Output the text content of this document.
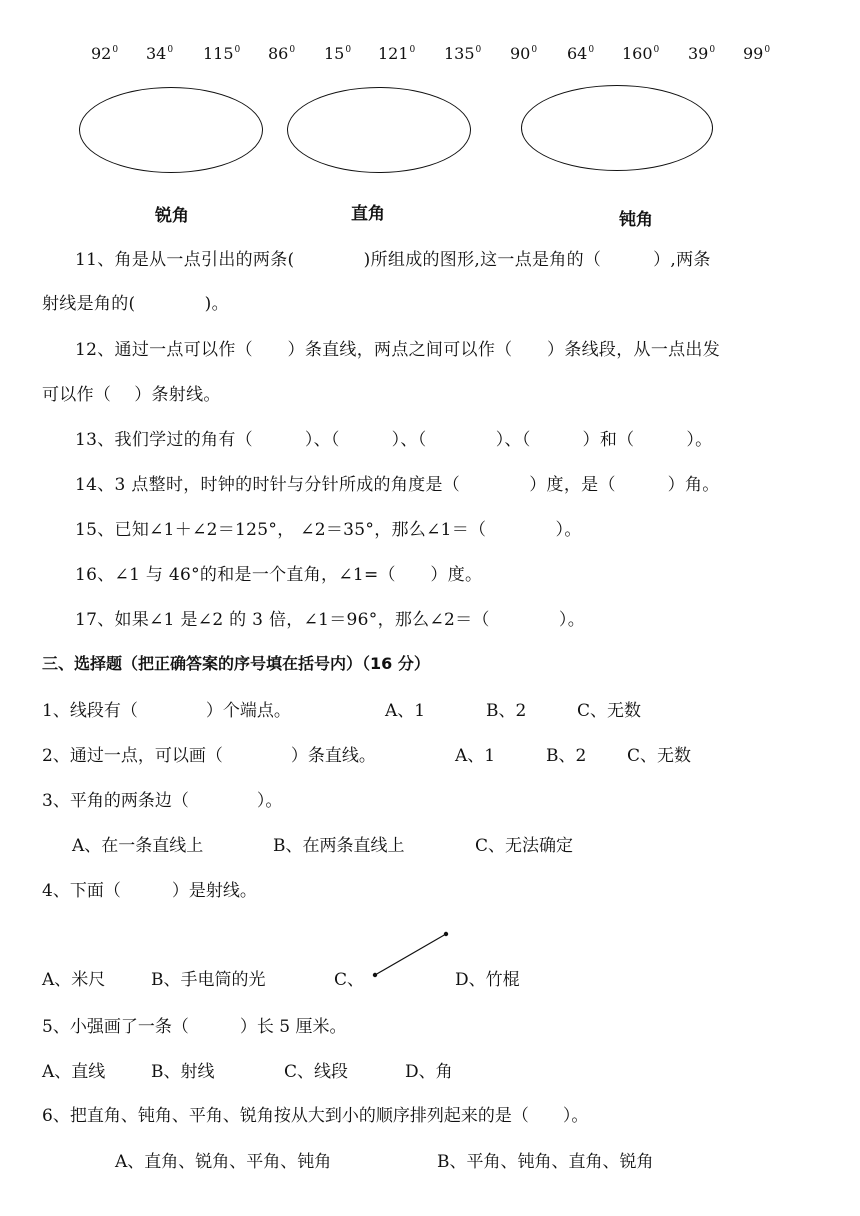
$92^0$ $34^0$ $115^0$ $86^0$ $15^0$ $121^0$ $135^0$ $90^0$ $64^0$ $160^0$ $39^0$ $99^0$
锐角	直角	钝角
11、角是从一点引出的两条(　　　　)所组成的图形,这一点是角的（　　　）,两条
射线是角的(　　　　)。
12、通过一点可以作（　　）条直线，两点之间可以作（　　）条线段，从一点出发
可以作（　 ）条射线。
13、我们学过的角有（　　　）、（　　　）、（　　　　）、（　　　）和（　　　）。
14、3 点整时，时钟的时针与分针所成的角度是（　　　　）度，是（　　　）角。
15、已知∠1＋∠2＝125°， ∠2＝35°，那么∠1＝（　　　　）。
16、∠1 与 46°的和是一个直角，∠1=（　　）度。
17、如果∠1 是∠2 的 3 倍，∠1＝96°，那么∠2＝（　　　　）。
三、选择题（把正确答案的序号填在括号内）（16 分）
1、线段有（　　　　）个端点。	A、1	B、2	C、无数
2、通过一点，可以画（　　　　）条直线。	A、1	B、2 C、无数
3、平角的两条边（　　　　）。
A、在一条直线上	B、在两条直线上	C、无法确定
4、下面（　　　）是射线。
A、米尺	B、手电筒的光	C、	D、竹棍
5、小强画了一条（　　　）长 5 厘米。
A、直线	B、射线	C、线段	D、角
6、把直角、钝角、平角、锐角按从大到小的顺序排列起来的是（　　）。
A、直角、锐角、平角、钝角	B、平角、钝角、直角、锐角
